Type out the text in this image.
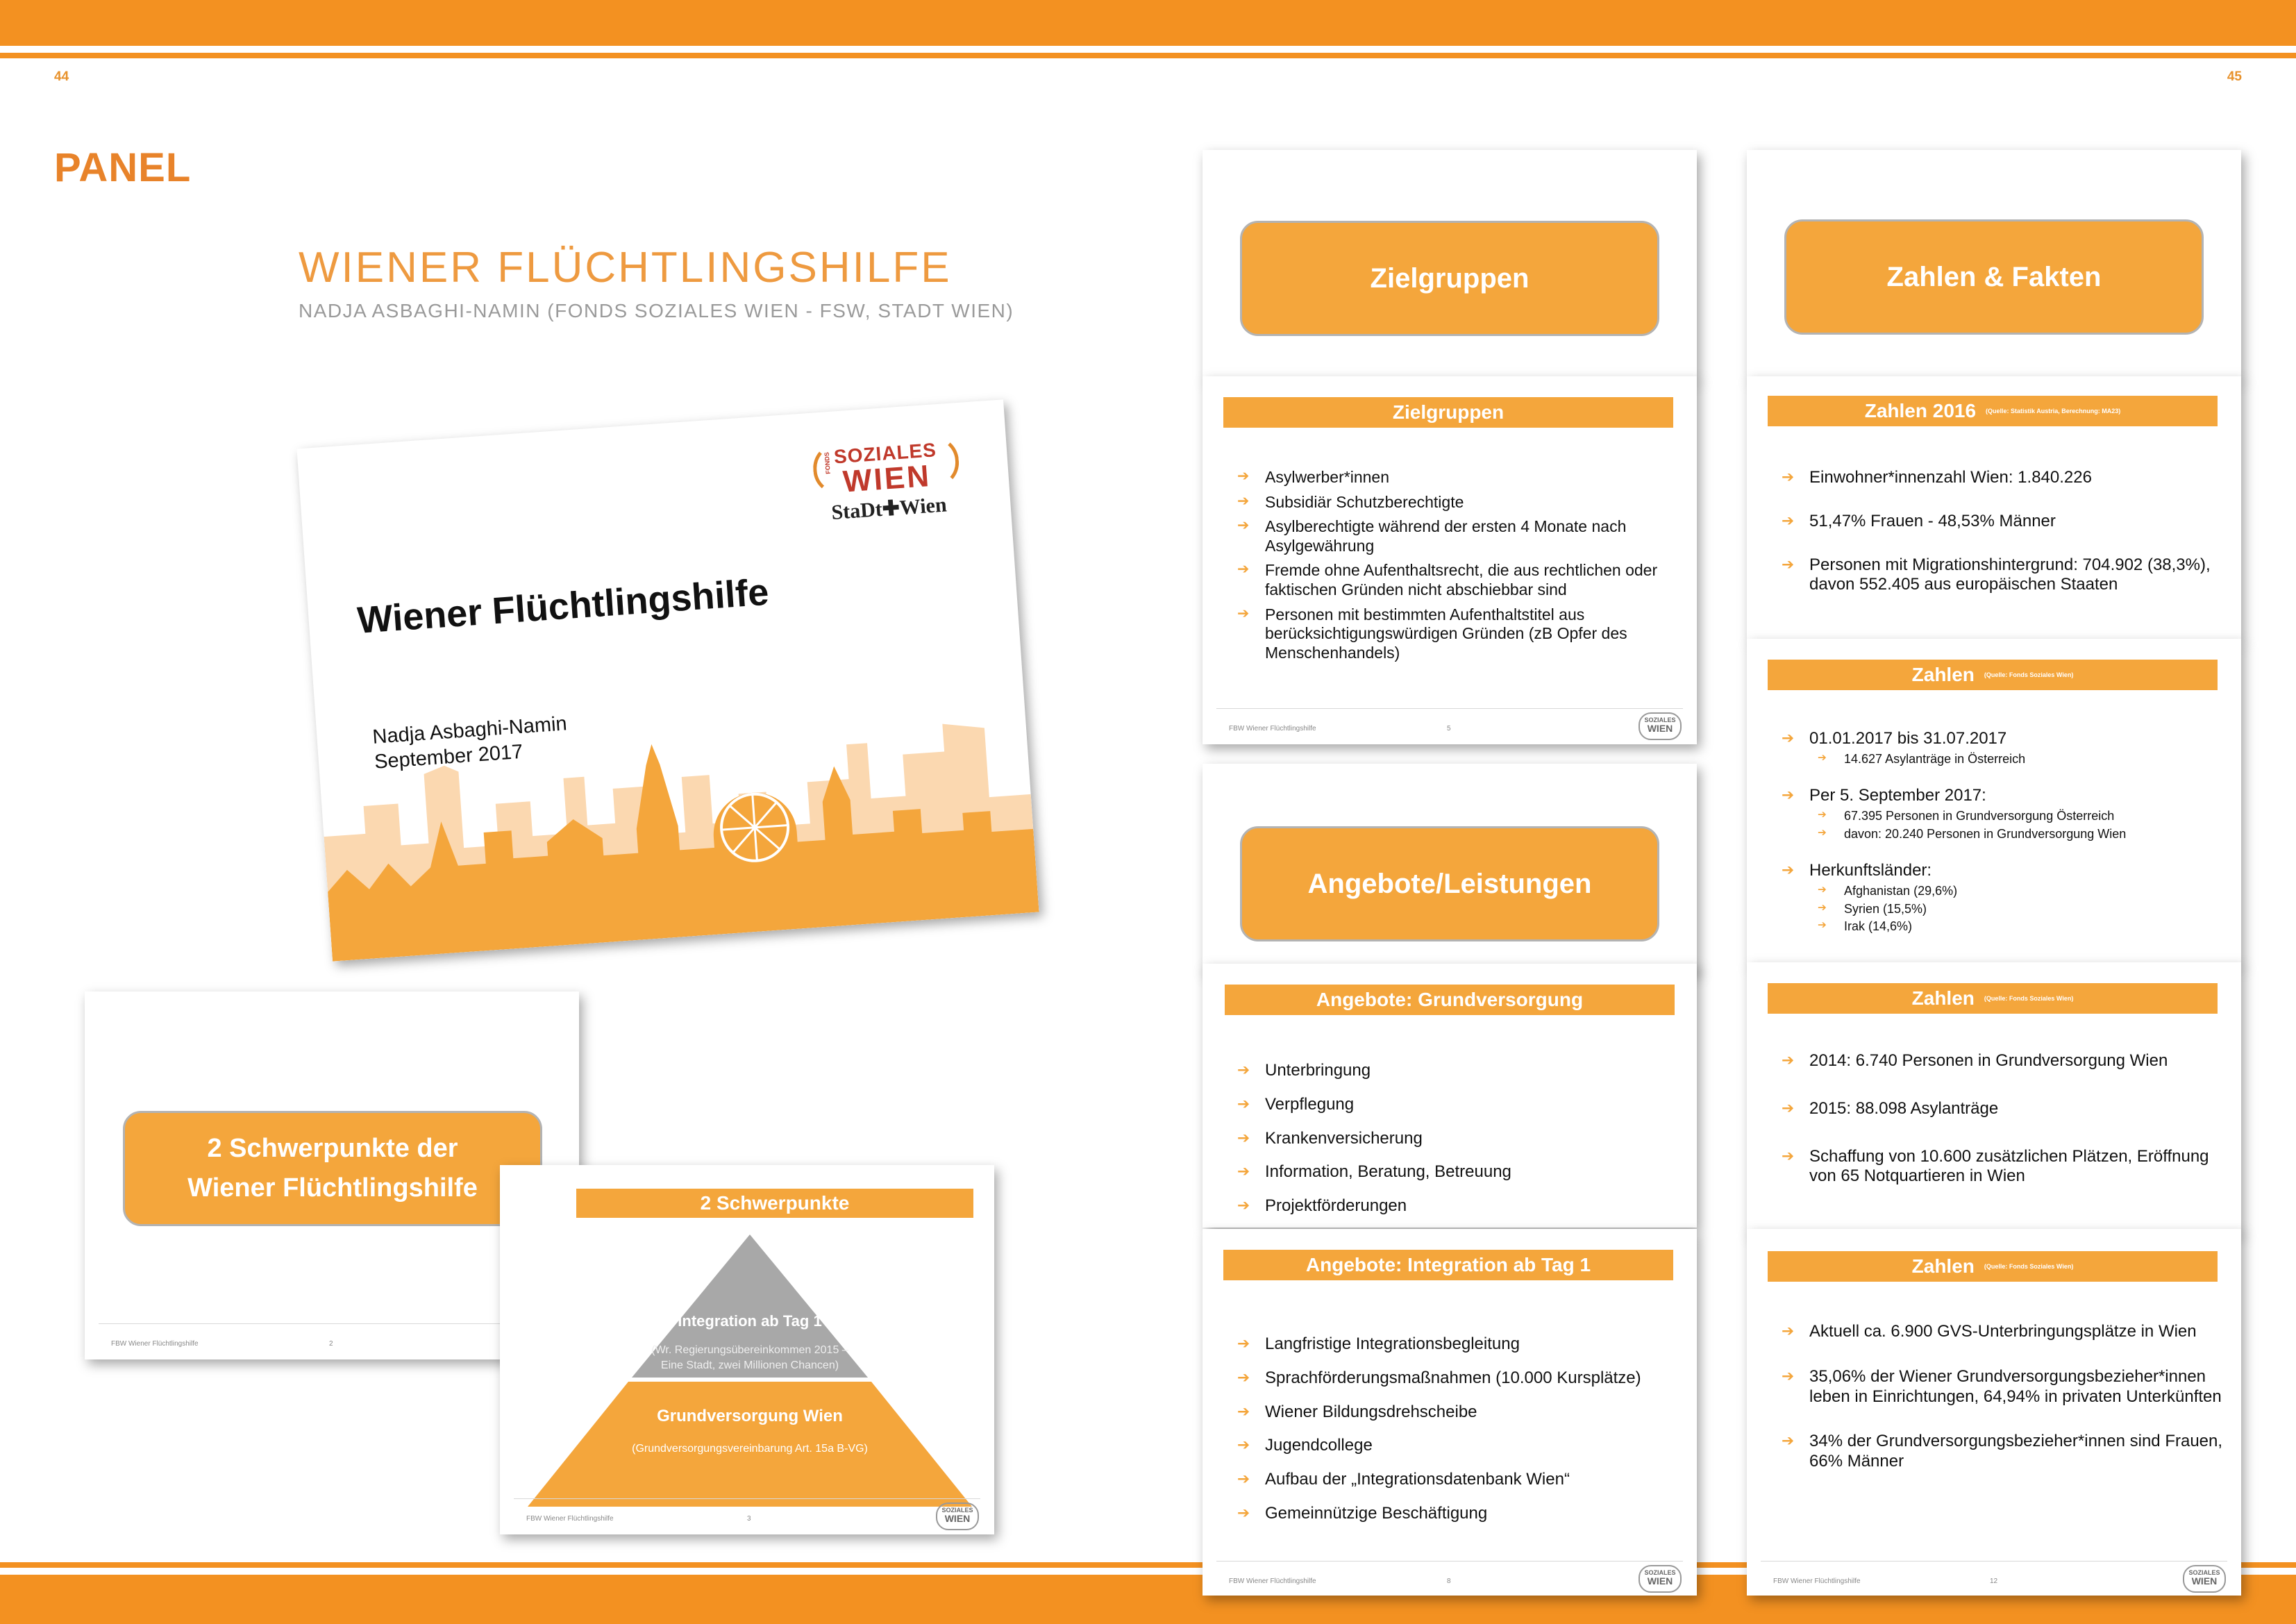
44	45
PANEL
WIENER FLÜCHTLINGSHILFE
NADJA ASBAGHI-NAMIN (FONDS SOZIALES WIEN - FSW, STADT WIEN)
FONDS SOZIALES
WIEN
StaDt✚Wien
Wiener Flüchtlingshilfe
Nadja Asbaghi-Namin
September 2017
2 Schwerpunkte der
Wiener Flüchtlingshilfe
FBW Wiener Flüchtlingshilfe	2
2 Schwerpunkte
Integration ab Tag 1
(Wr. Regierungsübereinkommen 2015 –
Eine Stadt, zwei Millionen Chancen)
Grundversorgung Wien
(Grundversorgungsvereinbarung Art. 15a B-VG)
FBW Wiener Flüchtlingshilfe	3
SOZIALES
WIEN
Zielgruppen
Zielgruppen
➔ Asylwerber*innen
➔ Subsidiär Schutzberechtigte
➔ Asylberechtigte während der ersten 4 Monate nach Asylgewährung
➔ Fremde ohne Aufenthaltsrecht, die aus rechtlichen oder faktischen Gründen nicht abschiebbar sind
➔ Personen mit bestimmten Aufenthaltstitel aus berücksichtigungswürdigen Gründen (zB Opfer des Menschenhandels)
FBW Wiener Flüchtlingshilfe	5
SOZIALES
WIEN
Angebote/Leistungen
Angebote: Grundversorgung
➔ Unterbringung
➔ Verpflegung
➔ Krankenversicherung
➔ Information, Beratung, Betreuung
➔ Projektförderungen
Angebote: Integration ab Tag 1
➔ Langfristige Integrationsbegleitung
➔ Sprachförderungsmaßnahmen (10.000 Kursplätze)
➔ Wiener Bildungsdrehscheibe
➔ Jugendcollege
➔ Aufbau der „Integrationsdatenbank Wien“
➔ Gemeinnützige Beschäftigung
FBW Wiener Flüchtlingshilfe	8
SOZIALES
WIEN
Zahlen & Fakten
Zahlen 2016 (Quelle: Statistik Austria, Berechnung: MA23)
➔ Einwohner*innenzahl Wien: 1.840.226
➔ 51,47% Frauen - 48,53% Männer
➔ Personen mit Migrationshintergrund: 704.902 (38,3%), davon 552.405 aus europäischen Staaten
Zahlen (Quelle: Fonds Soziales Wien)
➔ 01.01.2017 bis 31.07.2017
➔ 14.627 Asylanträge in Österreich
➔ Per 5. September 2017:
➔ 67.395 Personen in Grundversorgung Österreich
➔ davon: 20.240 Personen in Grundversorgung Wien
➔ Herkunftsländer:
➔ Afghanistan (29,6%)
➔ Syrien (15,5%)
➔ Irak (14,6%)
Zahlen (Quelle: Fonds Soziales Wien)
➔ 2014: 6.740 Personen in Grundversorgung Wien
➔ 2015: 88.098 Asylanträge
➔ Schaffung von 10.600 zusätzlichen Plätzen, Eröffnung von 65 Notquartieren in Wien
Zahlen (Quelle: Fonds Soziales Wien)
➔ Aktuell ca. 6.900 GVS-Unterbringungsplätze in Wien
➔ 35,06% der Wiener Grundversorgungsbezieher*innen leben in Einrichtungen, 64,94% in privaten Unterkünften
➔ 34% der Grundversorgungsbezieher*innen sind Frauen, 66% Männer
FBW Wiener Flüchtlingshilfe	12
SOZIALES
WIEN
